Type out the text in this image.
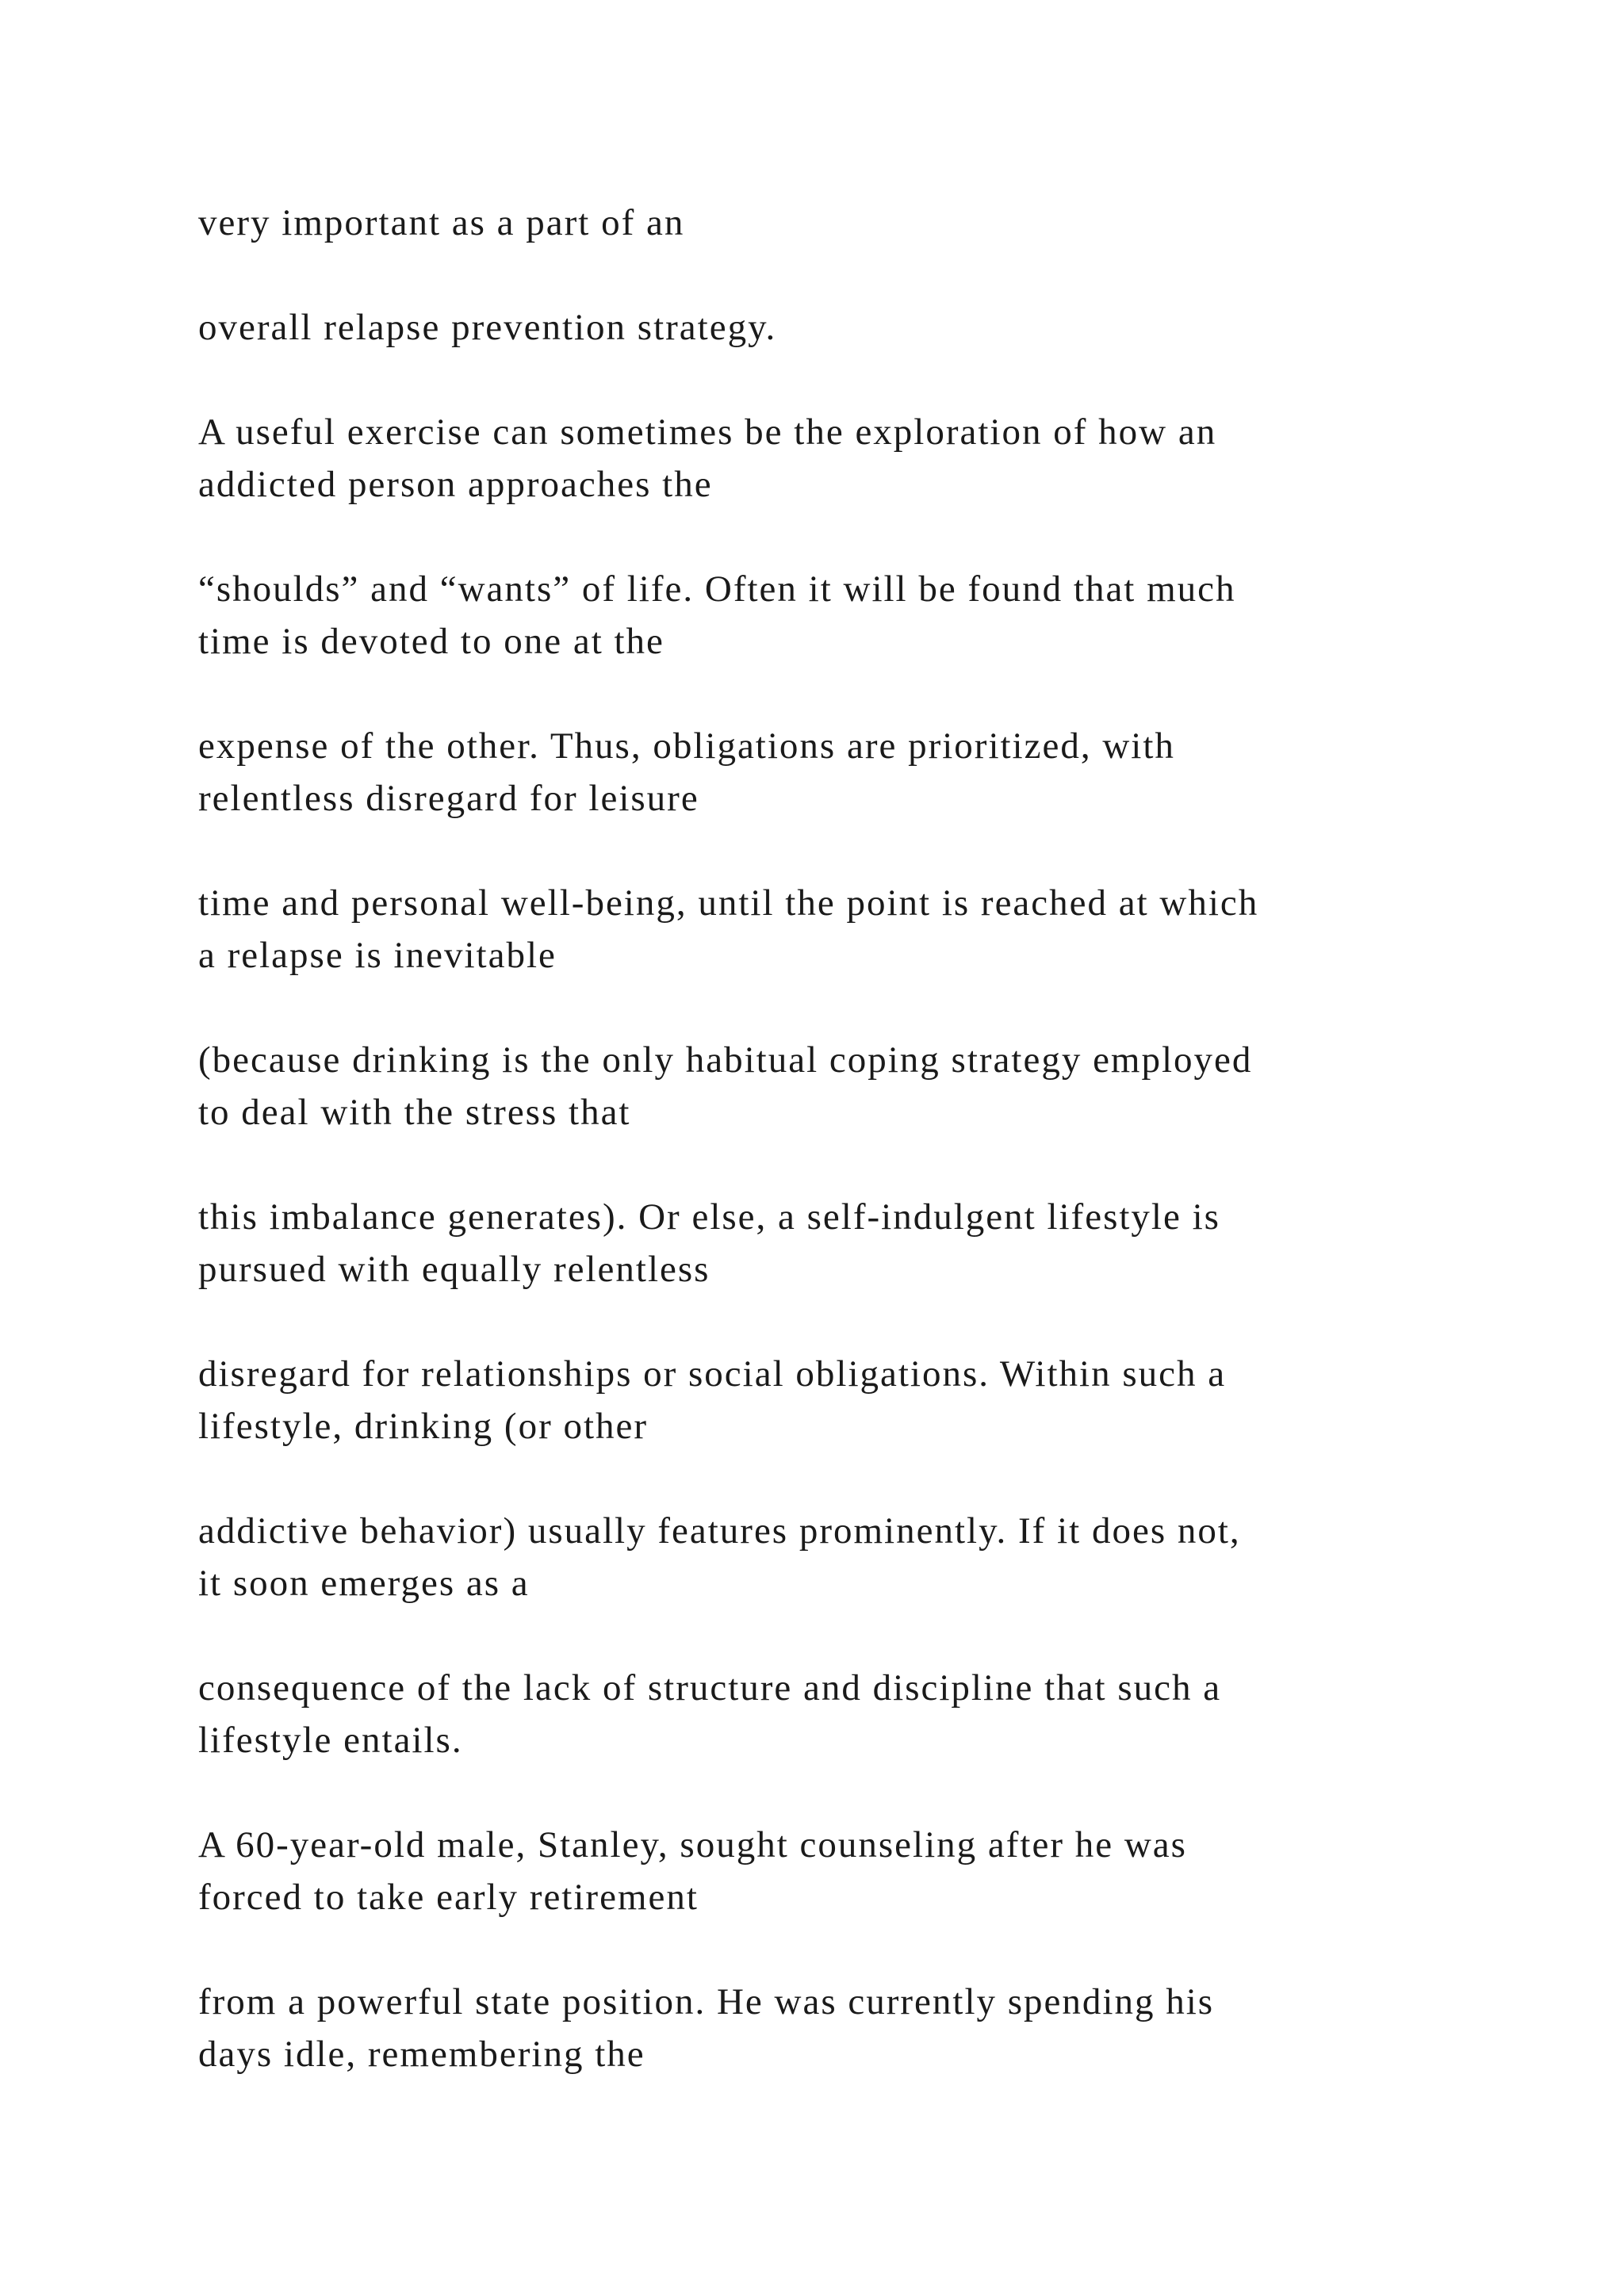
very important as a part of an

overall relapse prevention strategy.

A useful exercise can sometimes be the exploration of how an
addicted person approaches the

“shoulds” and “wants” of life. Often it will be found that much
time is devoted to one at the

expense of the other. Thus, obligations are prioritized, with
relentless disregard for leisure

time and personal well-being, until the point is reached at which
a relapse is inevitable

(because drinking is the only habitual coping strategy employed
to deal with the stress that

this imbalance generates). Or else, a self-indulgent lifestyle is
pursued with equally relentless

disregard for relationships or social obligations. Within such a
lifestyle, drinking (or other

addictive behavior) usually features prominently. If it does not,
it soon emerges as a

consequence of the lack of structure and discipline that such a
lifestyle entails.

A 60-year-old male, Stanley, sought counseling after he was
forced to take early retirement

from a powerful state position. He was currently spending his
days idle, remembering the
